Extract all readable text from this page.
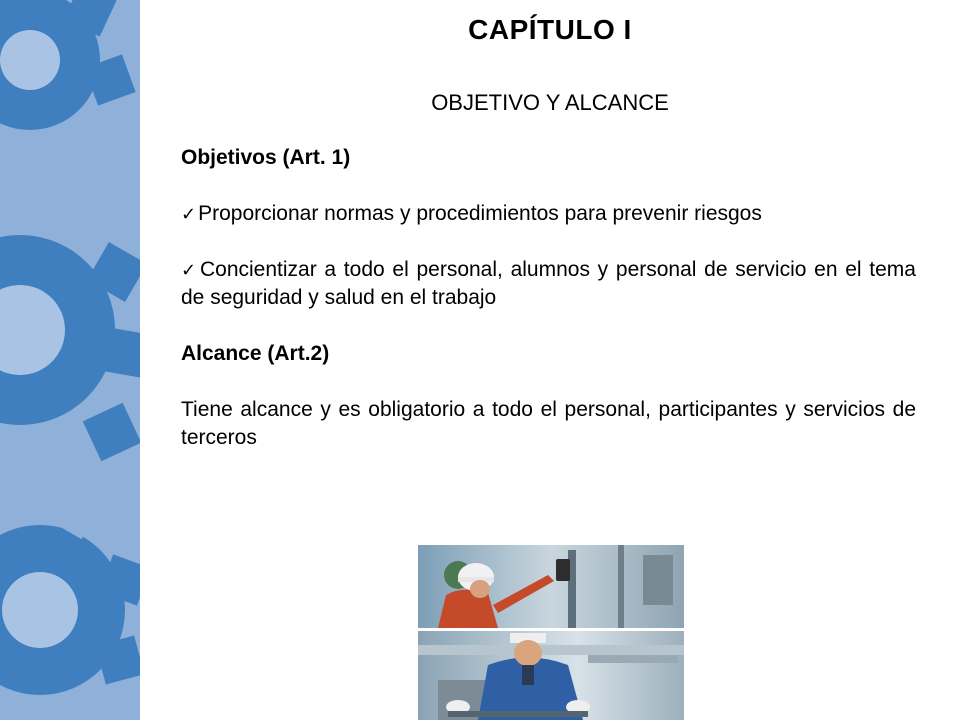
CAPÍTULO I
OBJETIVO Y ALCANCE

Objetivos (Art. 1)

✓Proporcionar normas y procedimientos para prevenir riesgos

✓Concientizar a todo el personal, alumnos y personal de servicio en el tema de seguridad y salud en el trabajo

Alcance (Art.2)

Tiene alcance y es obligatorio a todo el personal, participantes y servicios de terceros
